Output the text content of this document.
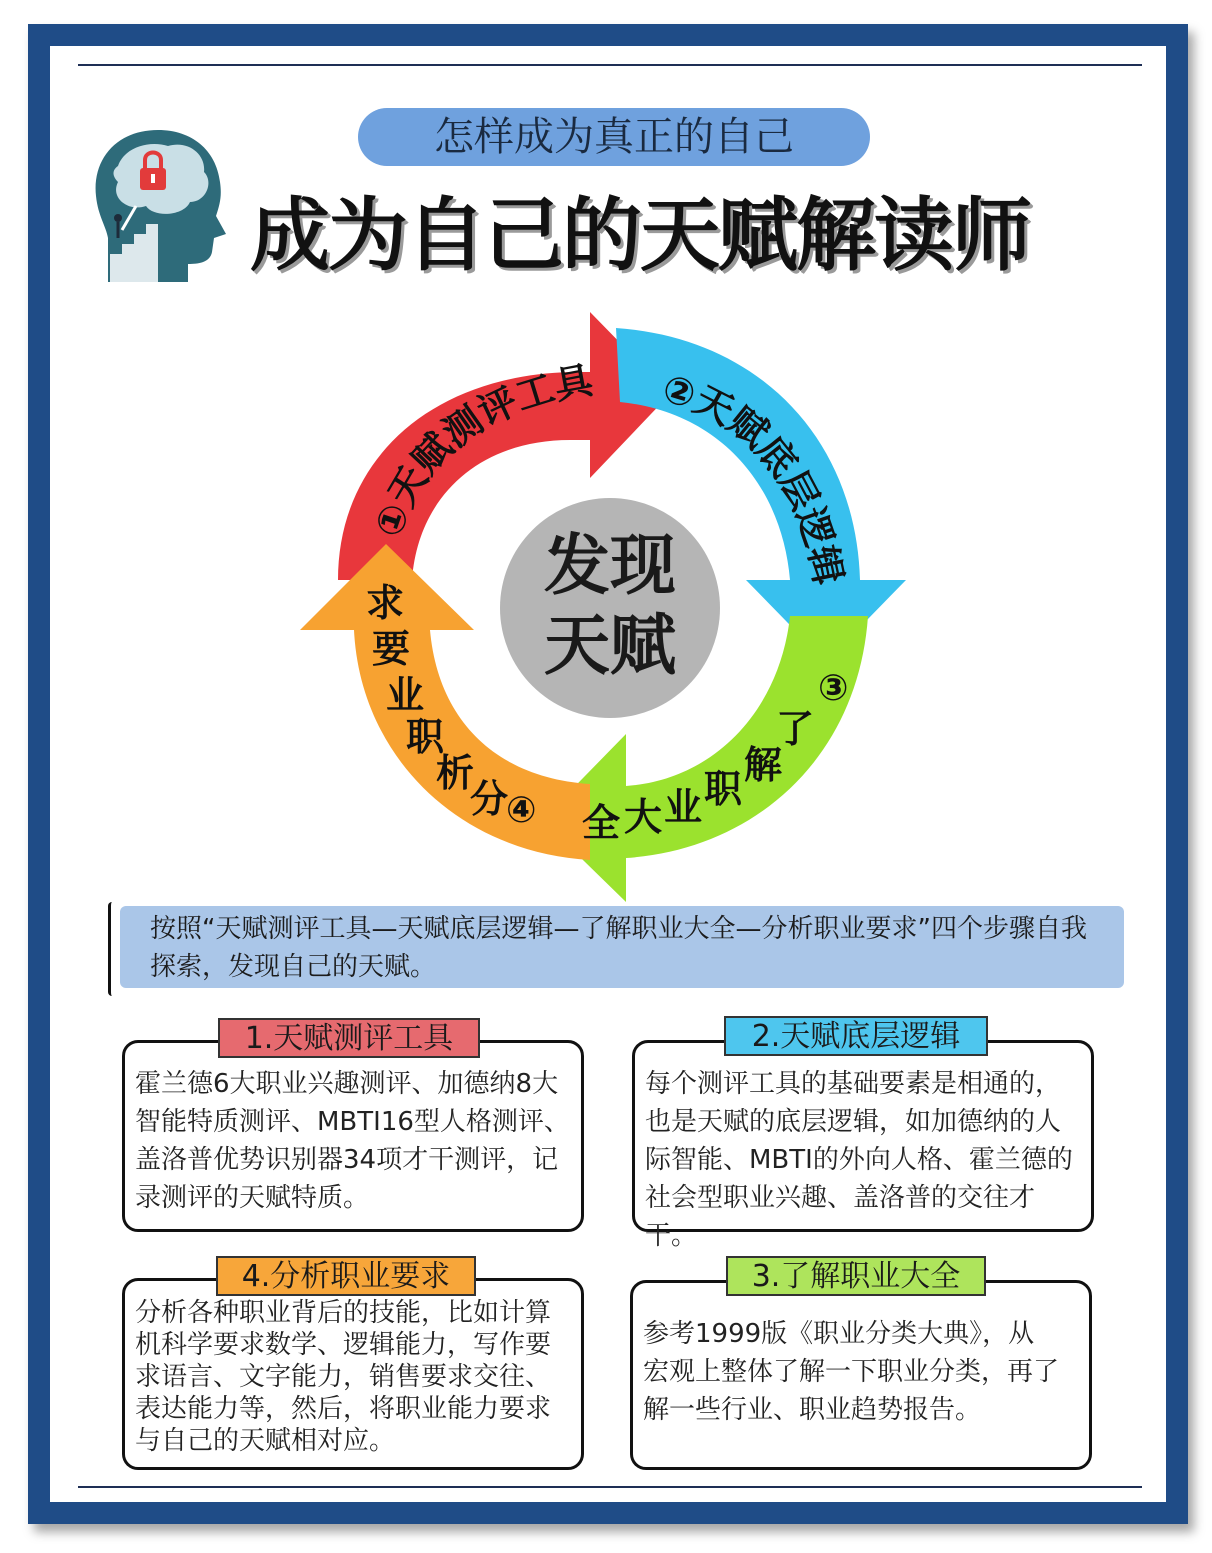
怎样成为真正的自己
成为自己的天赋解读师
发现
天赋
①天赋测评工具 ②天赋底层逻辑
③
了
解
职
业
大
全
④
求
要
业
职
析
分
按照“天赋测评工具—天赋底层逻辑—了解职业大全—分析职业要求”四个步骤自我探索，发现自己的天赋。
霍兰德6大职业兴趣测评、加德纳8大
智能特质测评、MBTI16型人格测评、
盖洛普优势识别器34项才干测评，记
录测评的天赋特质。
1.天赋测评工具
每个测评工具的基础要素是相通的，
也是天赋的底层逻辑，如加德纳的人
际智能、MBTI的外向人格、霍兰德的
社会型职业兴趣、盖洛普的交往才干。
2.天赋底层逻辑
分析各种职业背后的技能，比如计算
机科学要求数学、逻辑能力，写作要
求语言、文字能力，销售要求交往、
表达能力等，然后，将职业能力要求
与自己的天赋相对应。
4.分析职业要求
参考1999版《职业分类大典》，从
宏观上整体了解一下职业分类，再了
解一些行业、职业趋势报告。
3.了解职业大全
